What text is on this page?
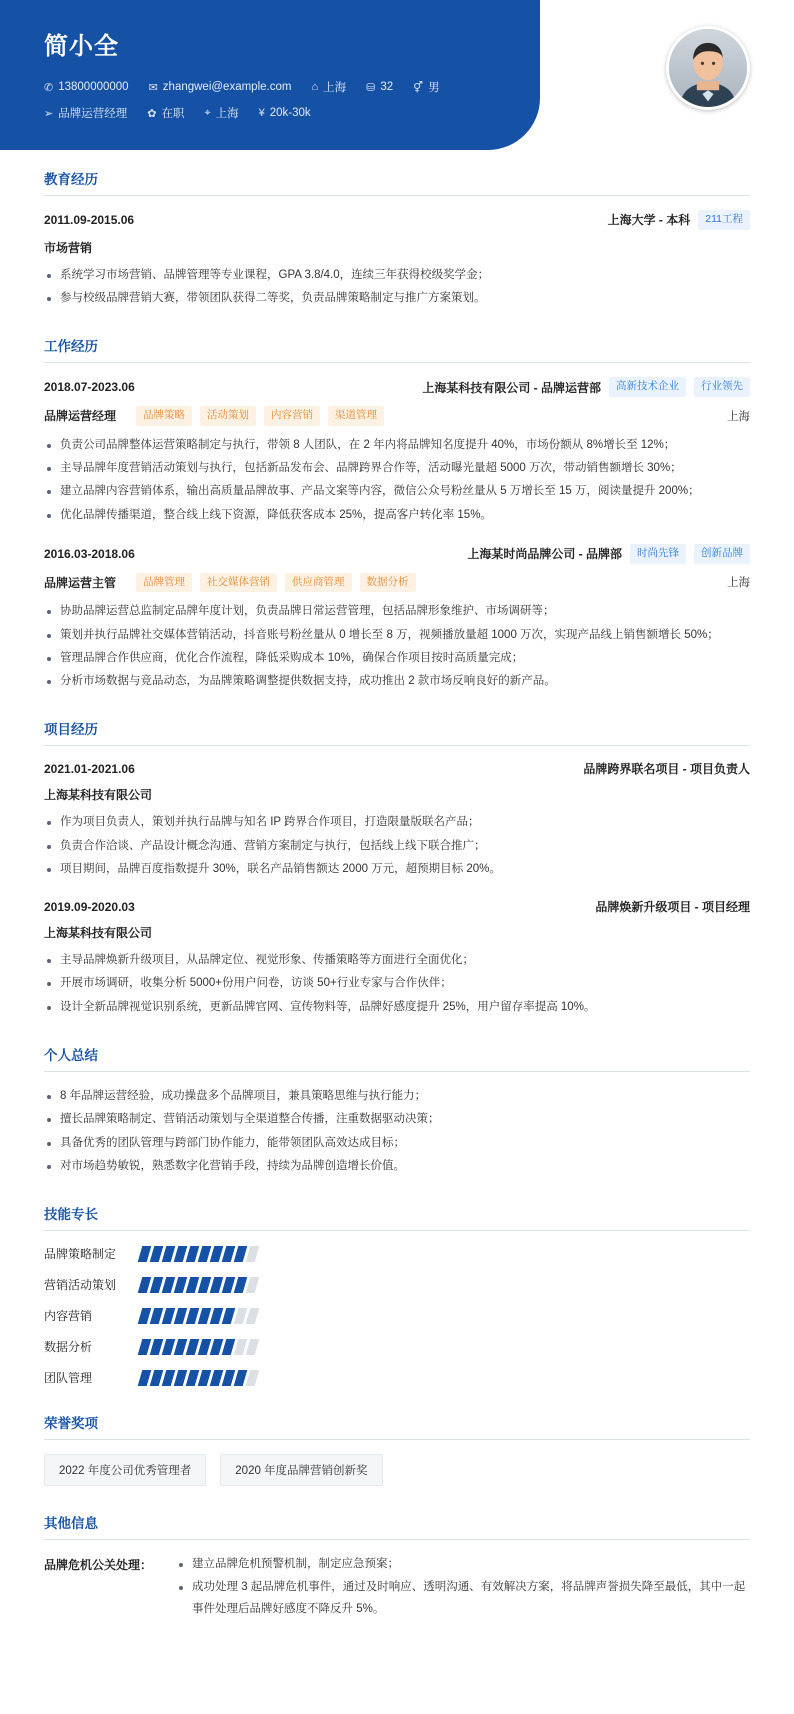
简小全
✆ 13800000000 ✉ zhangwei@example.com ⌂ 上海 ⛁ 32 ⚥ 男
➢ 品牌运营经理 ✿ 在职 ⌖ 上海 ¥ 20k-30k
教育经历
2011.09-2015.06	上海大学 - 本科	211工程
市场营销
系统学习市场营销、品牌管理等专业课程，GPA 3.8/4.0，连续三年获得校级奖学金；
参与校级品牌营销大赛，带领团队获得二等奖，负责品牌策略制定与推广方案策划。
工作经历
2018.07-2023.06	上海某科技有限公司 - 品牌运营部	高新技术企业	行业领先
品牌运营经理	品牌策略	活动策划	内容营销	渠道管理	上海
负责公司品牌整体运营策略制定与执行，带领 8 人团队，在 2 年内将品牌知名度提升 40%，市场份额从 8%增长至 12%；
主导品牌年度营销活动策划与执行，包括新品发布会、品牌跨界合作等，活动曝光量超 5000 万次，带动销售额增长 30%；
建立品牌内容营销体系，输出高质量品牌故事、产品文案等内容，微信公众号粉丝量从 5 万增长至 15 万，阅读量提升 200%；
优化品牌传播渠道，整合线上线下资源，降低获客成本 25%，提高客户转化率 15%。
2016.03-2018.06	上海某时尚品牌公司 - 品牌部	时尚先锋	创新品牌
品牌运营主管	品牌管理	社交媒体营销	供应商管理	数据分析	上海
协助品牌运营总监制定品牌年度计划，负责品牌日常运营管理，包括品牌形象维护、市场调研等；
策划并执行品牌社交媒体营销活动，抖音账号粉丝量从 0 增长至 8 万，视频播放量超 1000 万次，实现产品线上销售额增长 50%；
管理品牌合作供应商，优化合作流程，降低采购成本 10%，确保合作项目按时高质量完成；
分析市场数据与竞品动态，为品牌策略调整提供数据支持，成功推出 2 款市场反响良好的新产品。
项目经历
2021.01-2021.06	品牌跨界联名项目 - 项目负责人
上海某科技有限公司
作为项目负责人，策划并执行品牌与知名 IP 跨界合作项目，打造限量版联名产品；
负责合作洽谈、产品设计概念沟通、营销方案制定与执行，包括线上线下联合推广；
项目期间，品牌百度指数提升 30%，联名产品销售额达 2000 万元，超预期目标 20%。
2019.09-2020.03	品牌焕新升级项目 - 项目经理
上海某科技有限公司
主导品牌焕新升级项目，从品牌定位、视觉形象、传播策略等方面进行全面优化；
开展市场调研，收集分析 5000+份用户问卷，访谈 50+行业专家与合作伙伴；
设计全新品牌视觉识别系统，更新品牌官网、宣传物料等，品牌好感度提升 25%，用户留存率提高 10%。
个人总结
8 年品牌运营经验，成功操盘多个品牌项目，兼具策略思维与执行能力；
擅长品牌策略制定、营销活动策划与全渠道整合传播，注重数据驱动决策；
具备优秀的团队管理与跨部门协作能力，能带领团队高效达成目标；
对市场趋势敏锐，熟悉数字化营销手段，持续为品牌创造增长价值。
技能专长
品牌策略制定
营销活动策划
内容营销
数据分析
团队管理
荣誉奖项
2022 年度公司优秀管理者	2020 年度品牌营销创新奖
其他信息
品牌危机公关处理：	建立品牌危机预警机制，制定应急预案；
成功处理 3 起品牌危机事件，通过及时响应、透明沟通、有效解决方案，将品牌声誉损失降至最低，其中一起事件处理后品牌好感度不降反升 5%。
